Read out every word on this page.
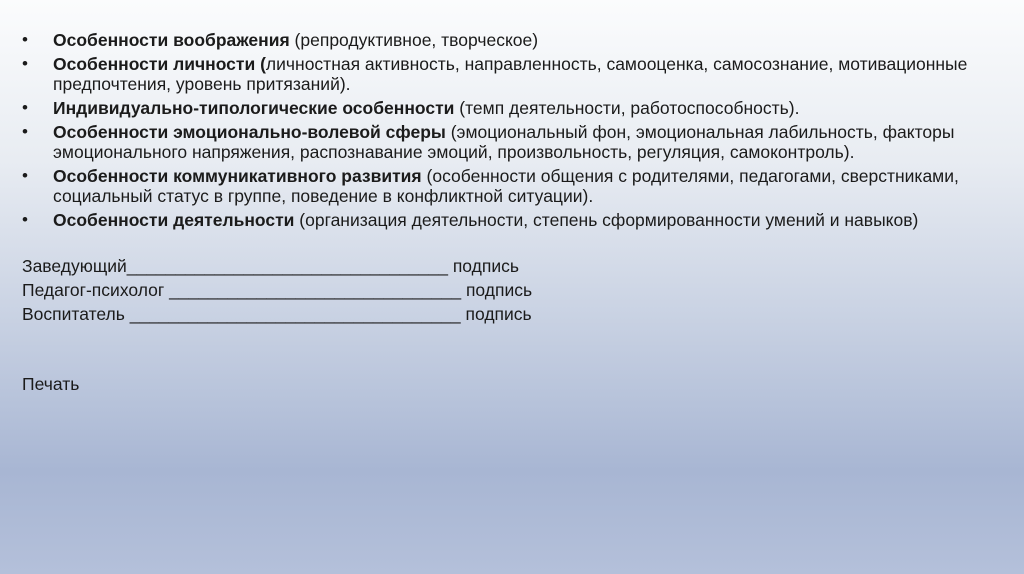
•	Особенности воображения (репродуктивное, творческое)
•	Особенности личности (личностная активность, направленность, самооценка, самосознание, мотивационные предпочтения, уровень притязаний).
•	Индивидуально-типологические особенности (темп деятельности, работоспособность).
•	Особенности эмоционально-волевой сферы (эмоциональный фон, эмоциональная лабильность, факторы эмоционального напряжения, распознавание эмоций, произвольность, регуляция, самоконтроль).
•	Особенности коммуникативного развития (особенности общения с родителями, педагогами, сверстниками, социальный статус в группе, поведение в конфликтной ситуации).
•	Особенности деятельности (организация деятельности, степень сформированности умений и навыков)
Заведующий_________________________________ подпись
Педагог-психолог ______________________________ подпись
Воспитатель __________________________________ подпись
Печать
